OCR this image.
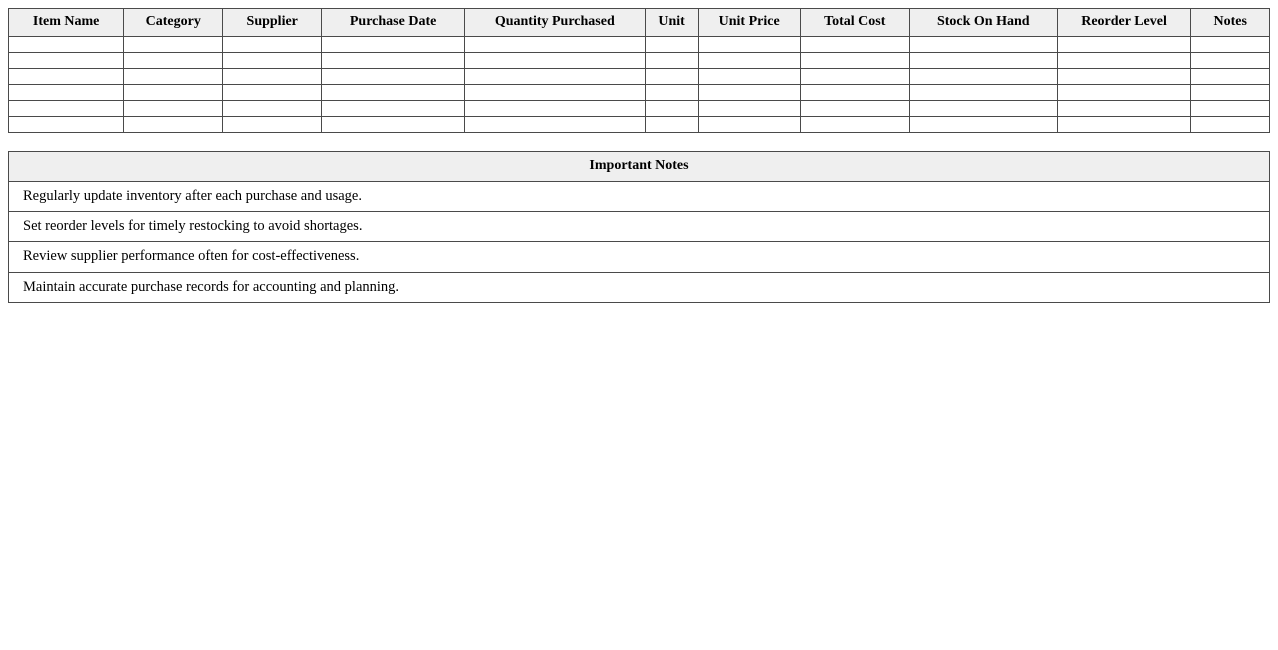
Item Name	Category	Supplier	Purchase Date	Quantity Purchased	Unit	Unit Price	Total Cost	Stock On Hand	Reorder Level	Notes

Important Notes
Regularly update inventory after each purchase and usage.
Set reorder levels for timely restocking to avoid shortages.
Review supplier performance often for cost-effectiveness.
Maintain accurate purchase records for accounting and planning.
